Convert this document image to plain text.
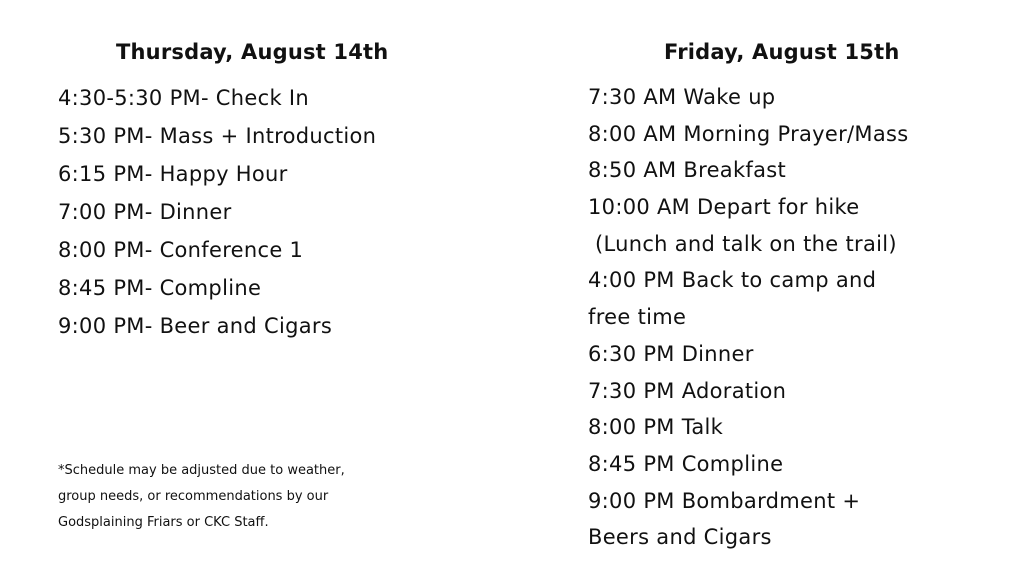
Thursday, August 14th
4:30-5:30 PM- Check In
5:30 PM- Mass + Introduction
6:15 PM- Happy Hour
7:00 PM- Dinner
8:00 PM- Conference 1
8:45 PM- Compline
9:00 PM- Beer and Cigars
*Schedule may be adjusted due to weather,
group needs, or recommendations by our
Godsplaining Friars or CKC Staff.
Friday, August 15th
7:30 AM Wake up
8:00 AM Morning Prayer/Mass
8:50 AM Breakfast
10:00 AM Depart for hike
(Lunch and talk on the trail)
4:00 PM Back to camp and
free time
6:30 PM Dinner
7:30 PM Adoration
8:00 PM Talk
8:45 PM Compline
9:00 PM Bombardment +
Beers and Cigars
